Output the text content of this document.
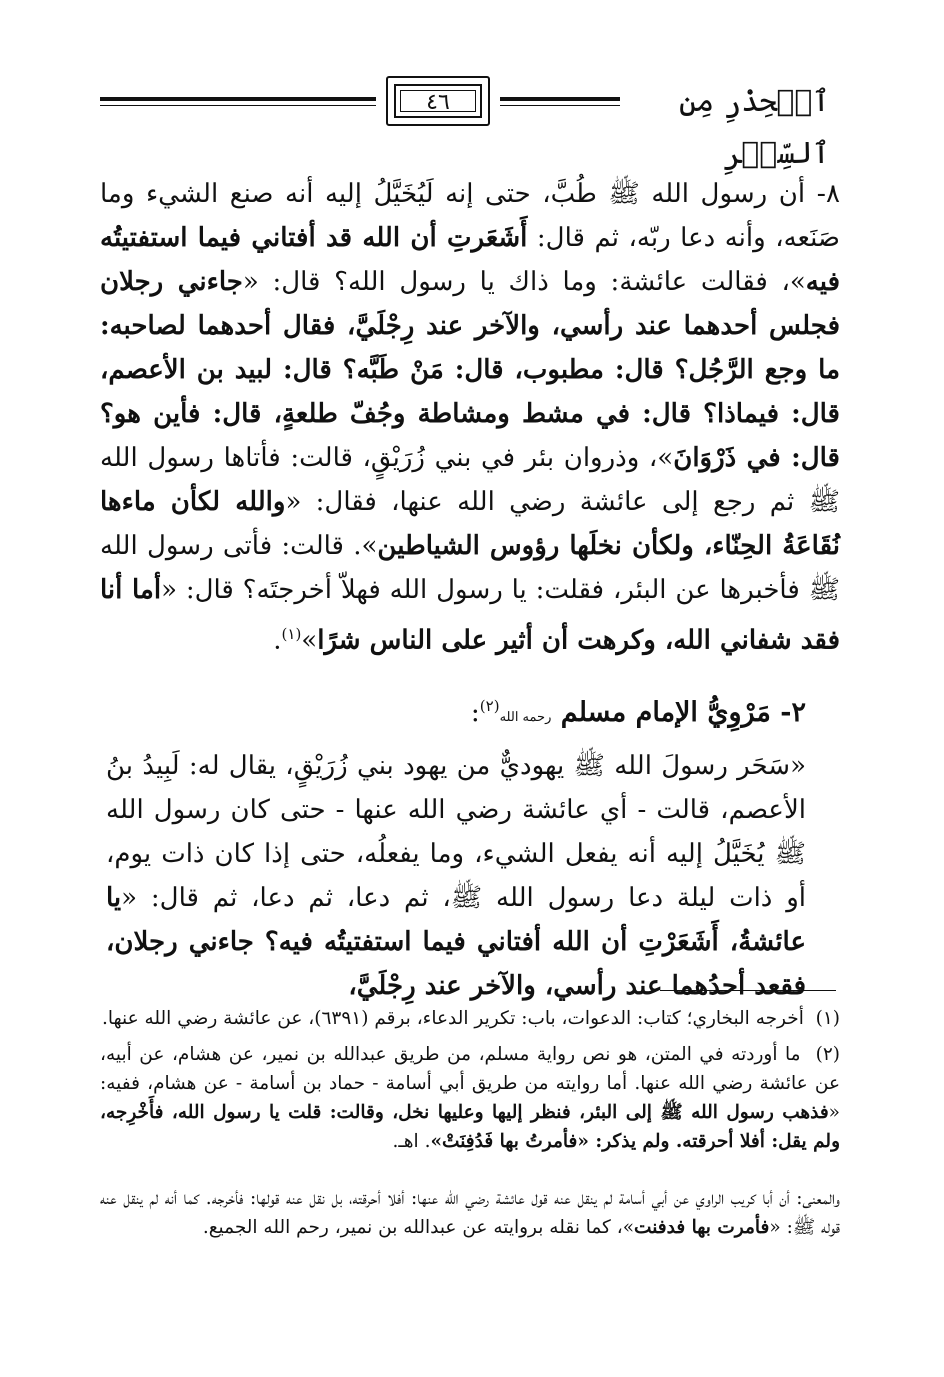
٤٦	ٱلۡحِذْرِ مِن ٱلسِّحۡرِ
٨- أن رسول الله ﷺ طُبَّ، حتى إنه لَيُخَيَّلُ إليه أنه صنع الشيء وما صَنَعه، وأنه دعا ربّه، ثم قال: أَشَعَرتِ أن الله قد أفتاني فيما استفتيتُه فيه»، فقالت عائشة: وما ذاك يا رسول الله؟ قال: «جاءني رجلان فجلس أحدهما عند رأسي، والآخر عند رِجْلَيَّ، فقال أحدهما لصاحبه: ما وجع الرَّجُل؟ قال: مطبوب، قال: مَنْ طَبَّه؟ قال: لبيد بن الأعصم، قال: فيماذا؟ قال: في مشط ومشاطة وجُفّ طلعةٍ، قال: فأين هو؟ قال: في ذَرْوَانَ»، وذروان بئر في بني زُرَيْقٍ، قالت: فأتاها رسول الله ﷺ ثم رجع إلى عائشة رضي الله عنها، فقال: «والله لكأن ماءها نُقَاعَةُ الحِنّاء، ولكأن نخلَها رؤوس الشياطين». قالت: فأتى رسول الله ﷺ فأخبرها عن البئر، فقلت: يا رسول الله فهلاّ أخرجتَه؟ قال: «أما أنا فقد شفاني الله، وكرهت أن أثير على الناس شرًا»$^{(١)}$.
٢- مَرْوِيُّ الإمام مسلم رحمه الله$^{(٢)}$:
«سَحَر رسولَ الله ﷺ يهوديٌّ من يهود بني زُرَيْقٍ، يقال له: لَبِيدُ بنُ الأعصم، قالت - أي عائشة رضي الله عنها - حتى كان رسول الله ﷺ يُخَيَّلُ إليه أنه يفعل الشيء، وما يفعلُه، حتى إذا كان ذات يوم، أو ذات ليلة دعا رسول الله ﷺ، ثم دعا، ثم دعا، ثم قال: «يا عائشةُ، أَشَعَرْتِ أن الله أفتاني فيما استفتيتُه فيه؟ جاءني رجلان، فقعد أحدُهما عند رأسي، والآخر عند رِجْلَيَّ،
(١)  أخرجه البخاري؛ كتاب: الدعوات، باب: تكرير الدعاء، برقم (٦٣٩١)، عن عائشة رضي الله عنها.
(٢)  ما أوردته في المتن، هو نص رواية مسلم، من طريق عبدالله بن نمير، عن هشام، عن أبيه، عن عائشة رضي الله عنها. أما روايته من طريق أبي أسامة - حماد بن أسامة - عن هشام، ففيه: «فذهب رسول الله ﷺ إلى البئر، فنظر إليها وعليها نخل، وقالت: قلت يا رسول الله، فأَخْرِجه، ولم يقل: أفلا أحرقته. ولم يذكر: «فأمرتُ بها فَدُفِنَتْ». اهـ.
والمعنى: أن أبا كريب الراوي عن أبي أسامة لم ينقل عنه قول عائشة رضي الله عنها: أفلا أحرقته، بل نقل عنه قولها: فأخرجه. كما أنه لم ينقل عنه قوله ﷺ: «فأمرت بها فدفنت»، كما نقله بروايته عن عبدالله بن نمير، رحم الله الجميع.
